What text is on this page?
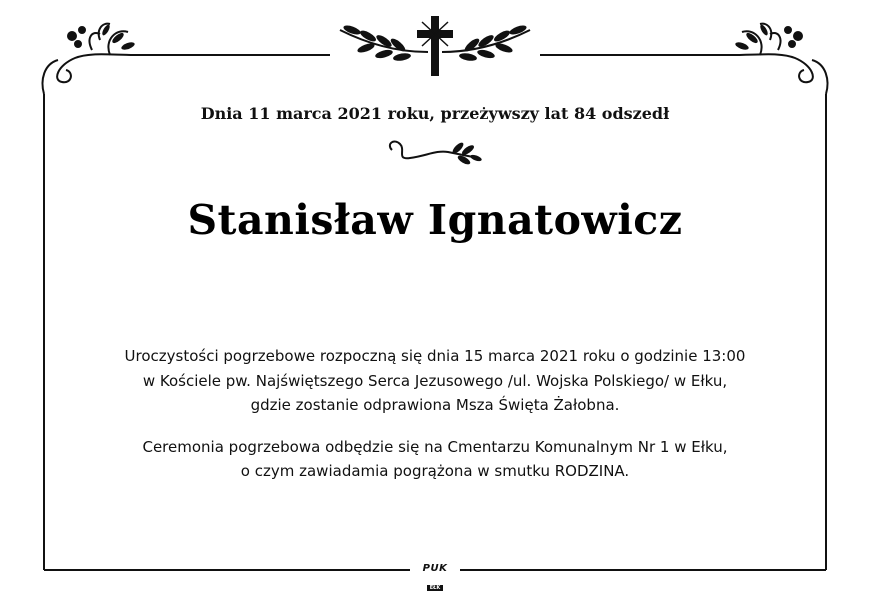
Dnia 11 marca 2021 roku, przeżywszy lat 84 odszedł
Stanisław Ignatowicz

Uroczystości pogrzebowe rozpoczną się dnia 15 marca 2021 roku o godzinie 13:00

w Kościele pw. Najświętszego Serca Jezusowego /ul. Wojska Polskiego/ w Ełku,

gdzie zostanie odprawiona Msza Święta Żałobna.

Ceremonia pogrzebowa odbędzie się na Cmentarzu Komunalnym Nr 1 w Ełku,

o czym zawiadamia pogrążona w smutku RODZINA.

PUK
EŁK
